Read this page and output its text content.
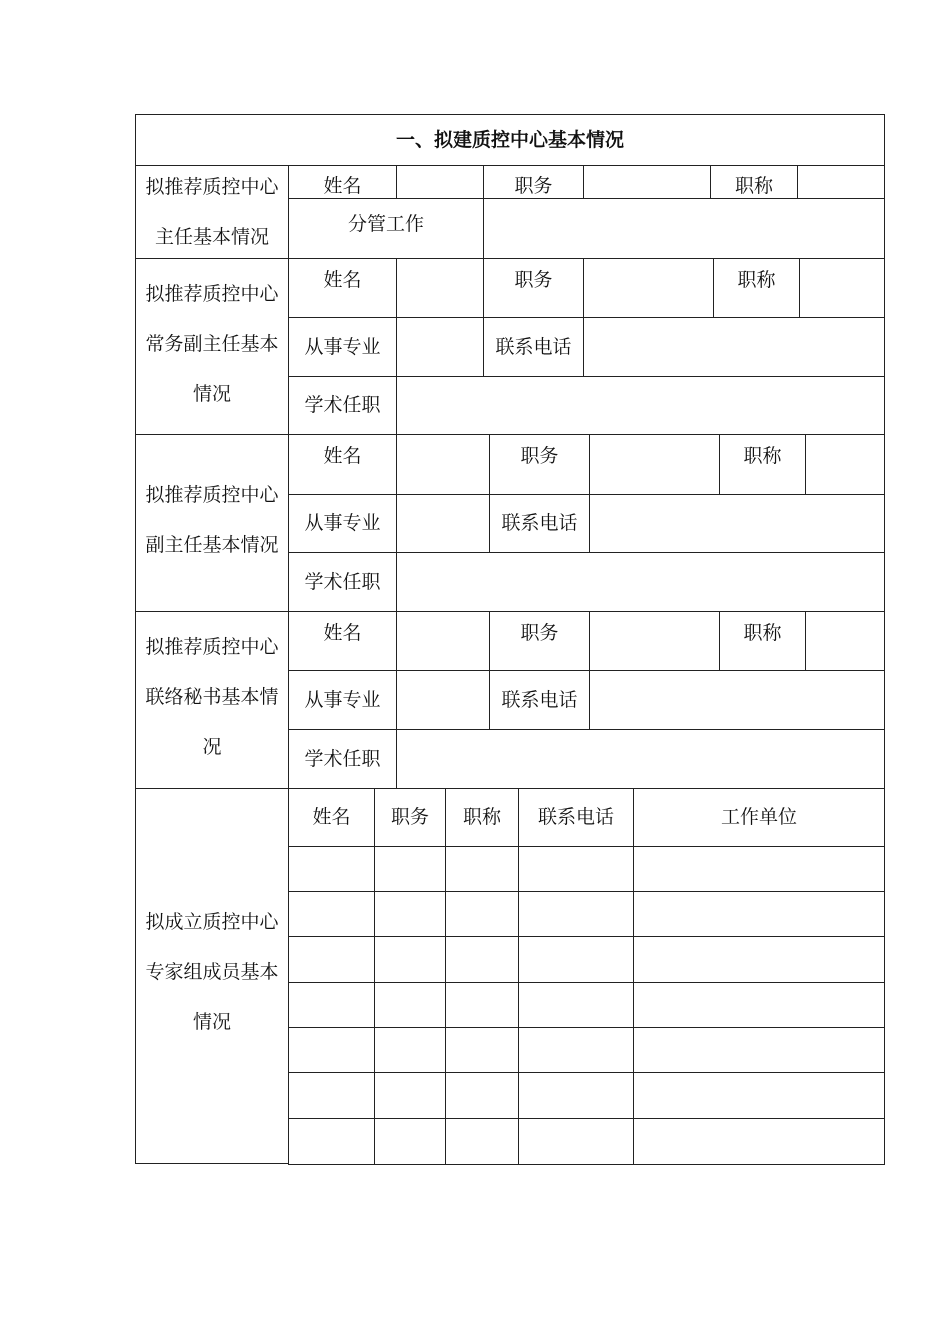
一、拟建质控中心基本情况
拟推荐质控中心
主任基本情况
姓名	职务	职称
分管工作
拟推荐质控中心
常务副主任基本
情况
姓名	职务	职称
从事专业	联系电话
学术任职
拟推荐质控中心
副主任基本情况
姓名	职务	职称
从事专业	联系电话
学术任职
拟推荐质控中心
联络秘书基本情
况
姓名	职务	职称
从事专业	联系电话
学术任职
拟成立质控中心
专家组成员基本
情况
姓名	职务	职称	联系电话	工作单位
